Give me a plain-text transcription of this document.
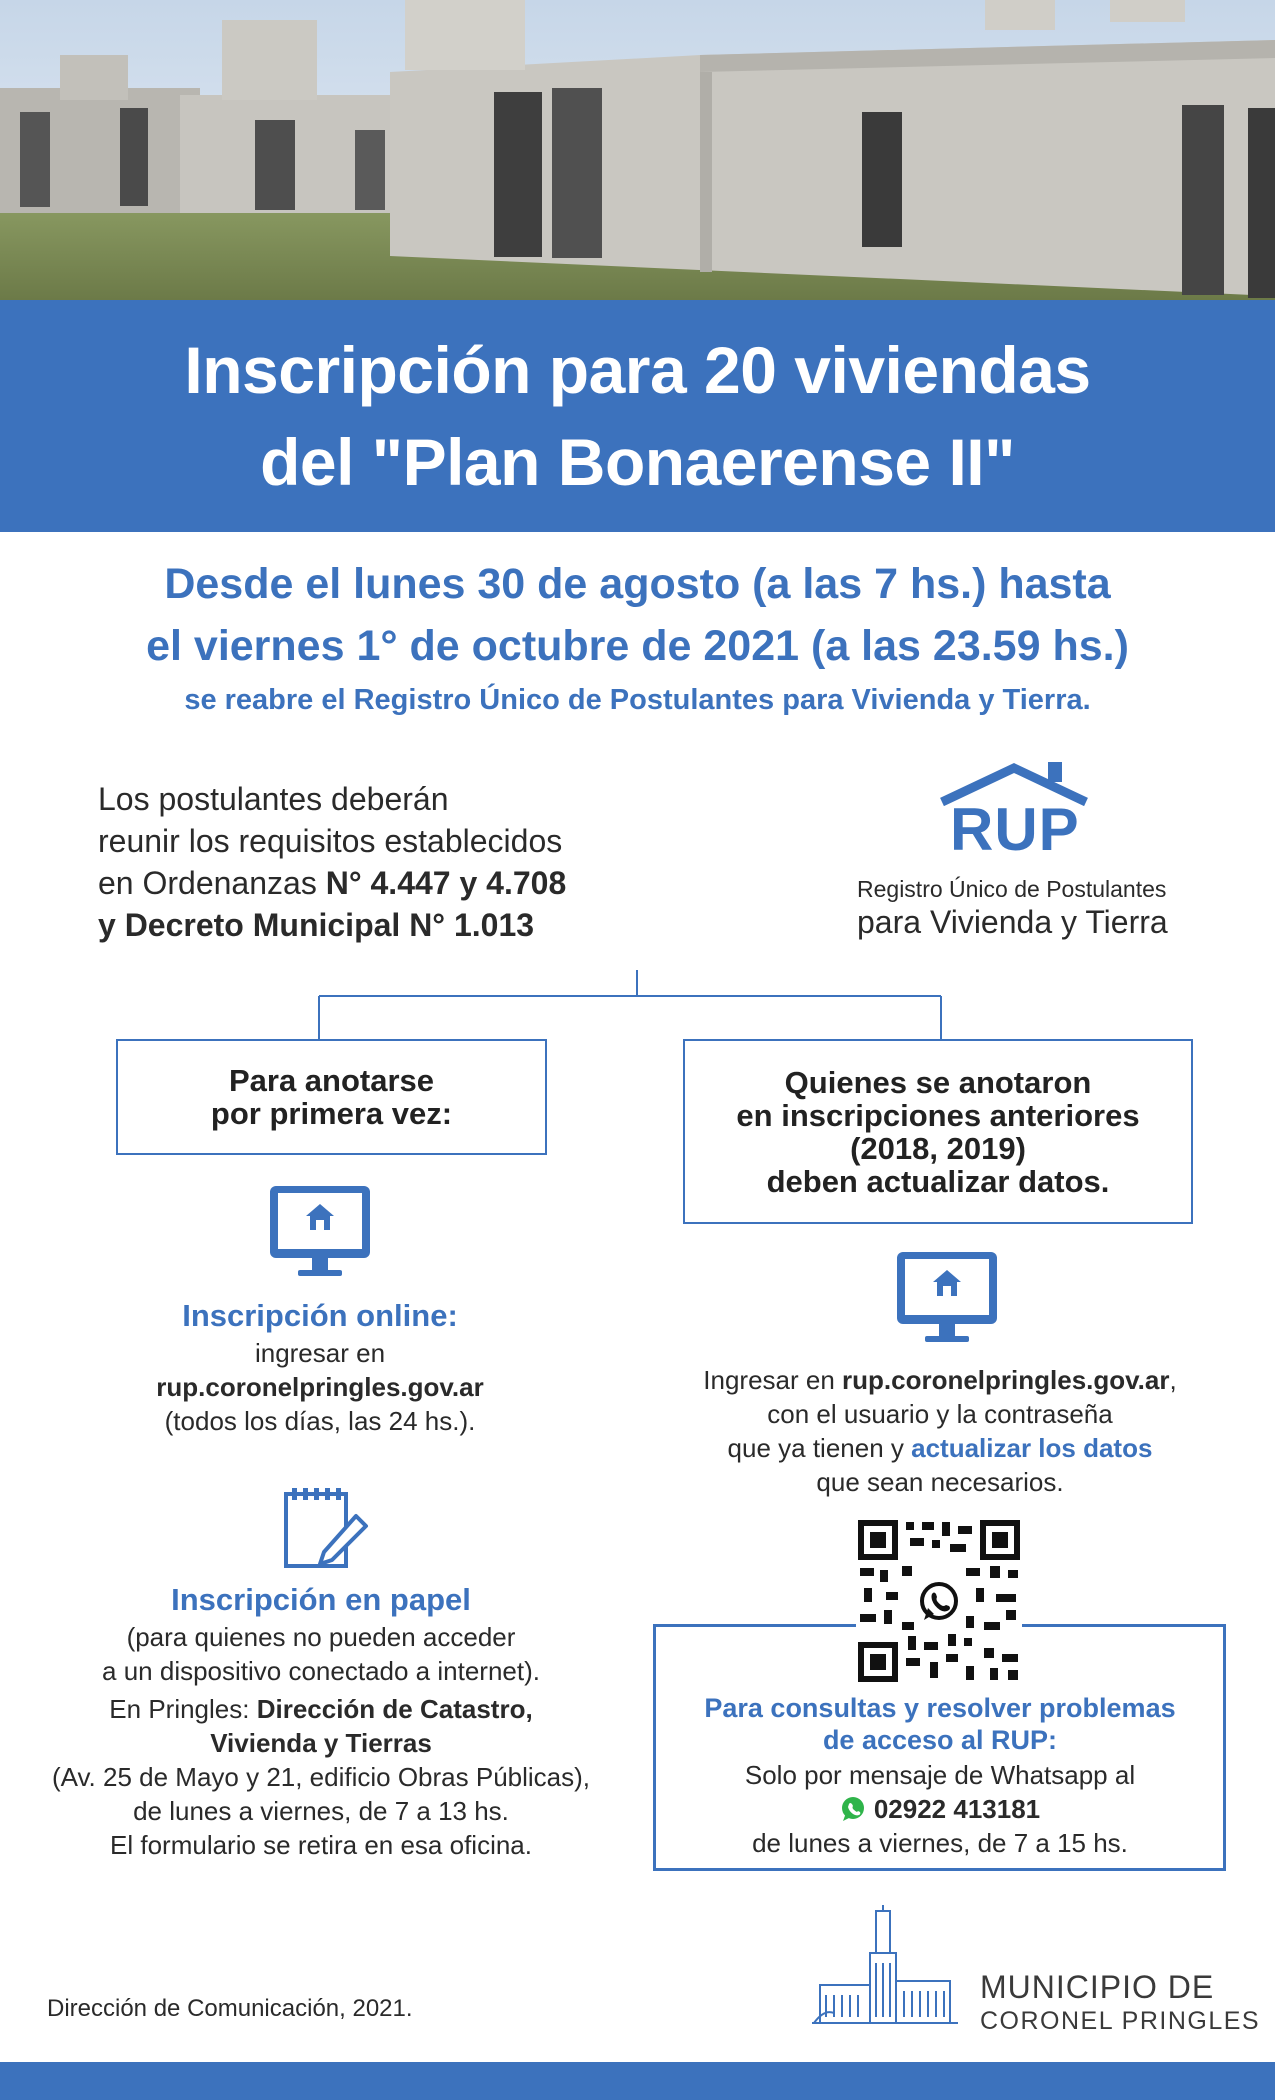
Inscripción para 20 viviendas
del "Plan Bonaerense II"
Desde el lunes 30 de agosto (a las 7 hs.) hasta
el viernes 1° de octubre de 2021 (a las 23.59 hs.)
se reabre el Registro Único de Postulantes para Vivienda y Tierra.
Los postulantes deberán
reunir los requisitos establecidos
en Ordenanzas N° 4.447 y 4.708
y Decreto Municipal N° 1.013
RUP
Registro Único de Postulantes
para Vivienda y Tierra
Para anotarse
por primera vez:
Quienes se anotaron
en inscripciones anteriores
(2018, 2019)
deben actualizar datos.
Inscripción online:
ingresar en
rup.coronelpringles.gov.ar
(todos los días, las 24 hs.).
Inscripción en papel
(para quienes no pueden acceder
a un dispositivo conectado a internet).
En Pringles: Dirección de Catastro,
Vivienda y Tierras
(Av. 25 de Mayo y 21, edificio Obras Públicas),
de lunes a viernes, de 7 a 13 hs.
El formulario se retira en esa oficina.
Ingresar en rup.coronelpringles.gov.ar,
con el usuario y la contraseña
que ya tienen y actualizar los datos
que sean necesarios.
Para consultas y resolver problemas
de acceso al RUP:
Solo por mensaje de Whatsapp al
02922 413181
de lunes a viernes, de 7 a 15 hs.
Dirección de Comunicación, 2021.
MUNICIPIO DE
CORONEL PRINGLES
